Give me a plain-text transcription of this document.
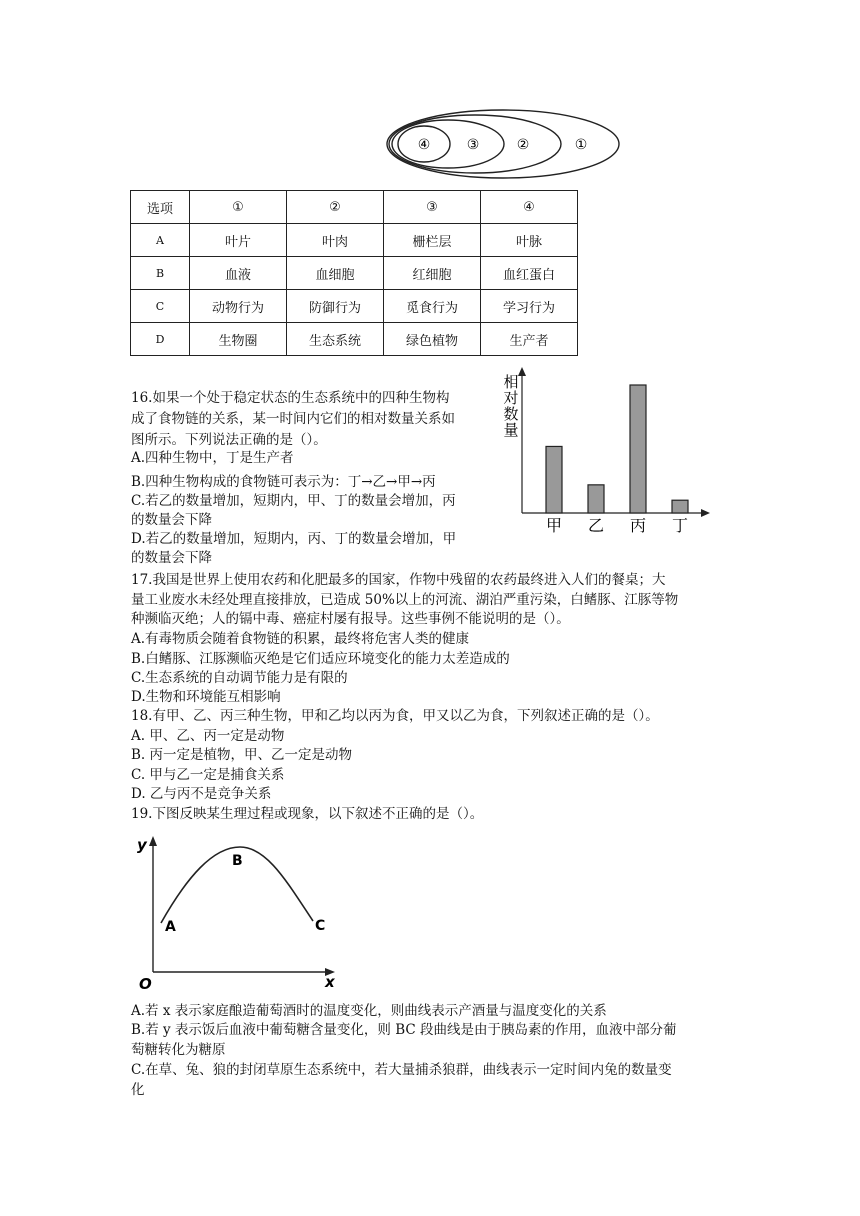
④	③	②	①
选项	①	②	③	④
A	叶片	叶肉	栅栏层	叶脉
B	血液	血细胞	红细胞	血红蛋白
C	动物行为	防御行为	觅食行为	学习行为
D	生物圈	生态系统	绿色植物	生产者
16.如果一个处于稳定状态的生态系统中的四种生物构
成了食物链的关系，某一时间内它们的相对数量关系如
图所示。下列说法正确的是（）。
A.四种生物中，丁是生产者
B.四种生物构成的食物链可表示为：丁→乙→甲→丙
C.若乙的数量增加，短期内，甲、丁的数量会增加，丙
的数量会下降
D.若乙的数量增加，短期内，丙、丁的数量会增加，甲
的数量会下降
相
对
数
量
甲 乙 丙 丁
17.我国是世界上使用农药和化肥最多的国家，作物中残留的农药最终进入人们的餐桌；大
量工业废水未经处理直接排放，已造成 50%以上的河流、湖泊严重污染，白鳍豚、江豚等物
种濒临灭绝；人的镉中毒、癌症村屡有报导。这些事例不能说明的是（）。
A.有毒物质会随着食物链的积累，最终将危害人类的健康
B.白鳍豚、江豚濒临灭绝是它们适应环境变化的能力太差造成的
C.生态系统的自动调节能力是有限的
D.生物和环境能互相影响
18.有甲、乙、丙三种生物，甲和乙均以丙为食，甲又以乙为食，下列叙述正确的是（）。
A. 甲、乙、丙一定是动物
B. 丙一定是植物，甲、乙一定是动物
C. 甲与乙一定是捕食关系
D. 乙与丙不是竞争关系
19.下图反映某生理过程或现象，以下叙述不正确的是（）。
y
x
O
A
B
C
A.若 x 表示家庭酿造葡萄酒时的温度变化，则曲线表示产酒量与温度变化的关系
B.若 y 表示饭后血液中葡萄糖含量变化，则 BC 段曲线是由于胰岛素的作用，血液中部分葡
萄糖转化为糖原
C.在草、兔、狼的封闭草原生态系统中，若大量捕杀狼群，曲线表示一定时间内兔的数量变
化
